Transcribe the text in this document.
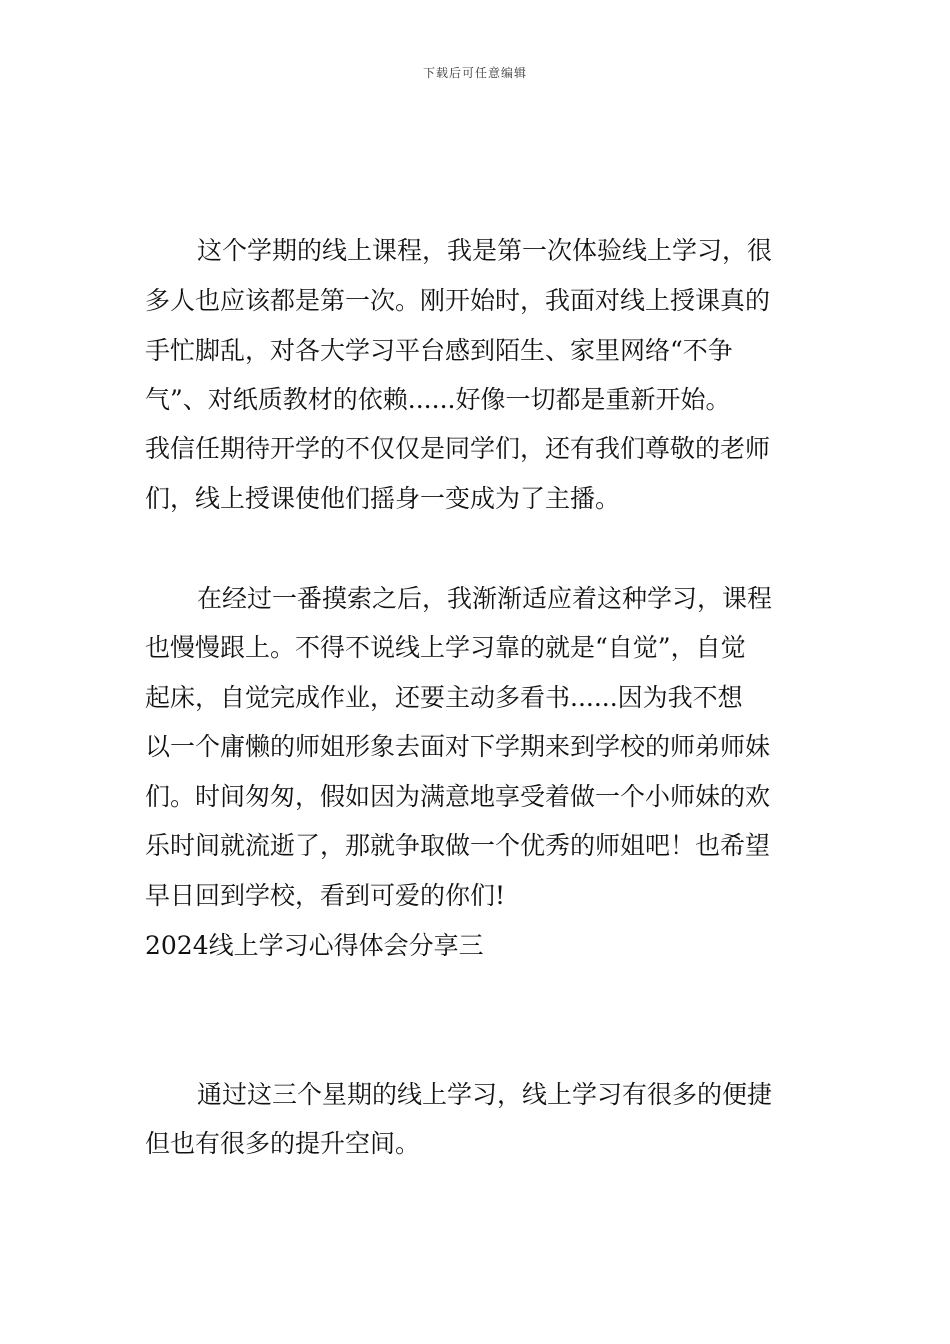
下载后可任意编辑
这个学期的线上课程，我是第一次体验线上学习，很
多人也应该都是第一次。刚开始时，我面对线上授课真的
手忙脚乱，对各大学习平台感到陌生、家里网络“不争
气”、对纸质教材的依赖......好像一切都是重新开始。
我信任期待开学的不仅仅是同学们，还有我们尊敬的老师
们，线上授课使他们摇身一变成为了主播。
在经过一番摸索之后，我渐渐适应着这种学习，课程
也慢慢跟上。不得不说线上学习靠的就是“自觉”，自觉
起床，自觉完成作业，还要主动多看书......因为我不想
以一个庸懒的师姐形象去面对下学期来到学校的师弟师妹
们。时间匆匆，假如因为满意地享受着做一个小师妹的欢
乐时间就流逝了，那就争取做一个优秀的师姐吧！也希望
早日回到学校，看到可爱的你们!
2024线上学习心得体会分享三
通过这三个星期的线上学习，线上学习有很多的便捷
但也有很多的提升空间。
